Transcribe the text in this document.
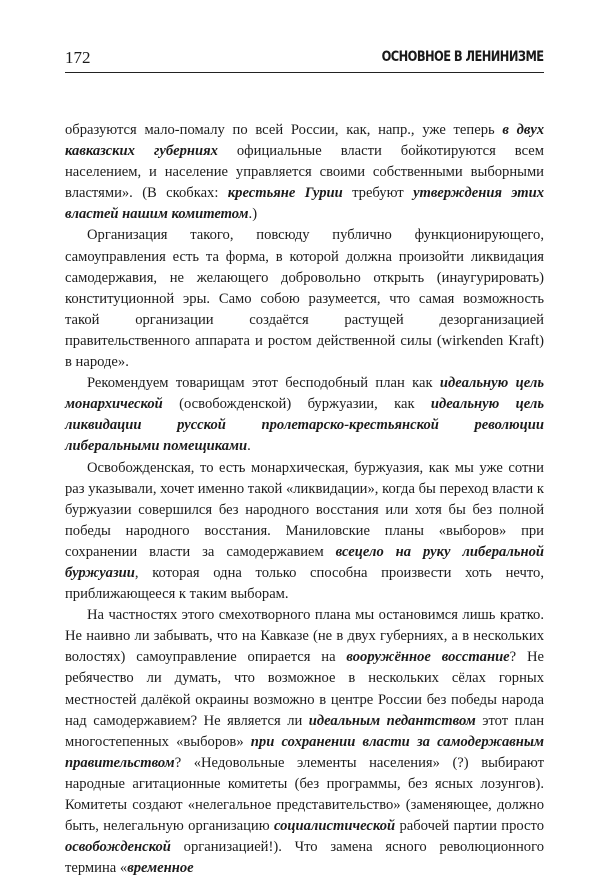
172	ОСНОВНОЕ В ЛЕНИНИЗМЕ

образуются мало-помалу по всей России, как, напр., уже теперь в двух кавказских губерниях официальные власти бойкотируются всем населением, и население управляется своими собственными выборными властями». (В скобках: крестьяне Гурии требуют утверждения этих властей нашим комитетом.)

Организация такого, повсюду публично функционирующего, самоуправления есть та форма, в которой должна произойти ликвидация самодержавия, не желающего добровольно открыть (инаугурировать) конституционной эры. Само собою разумеется, что самая возможность такой организации создаётся растущей дезорганизацией правительственного аппарата и ростом действенной силы (wirkenden Kraft) в народе».

Рекомендуем товарищам этот бесподобный план как идеальную цель монархической (освобожденской) буржуазии, как идеальную цель ликвидации русской пролетарско-крестьянской революции либеральными помещиками.

Освобожденская, то есть монархическая, буржуазия, как мы уже сотни раз указывали, хочет именно такой «ликвидации», когда бы переход власти к буржуазии совершился без народного восстания или хотя бы без полной победы народного восстания. Маниловские планы «выборов» при сохранении власти за самодержавием всецело на руку либеральной буржуазии, которая одна только способна произвести хоть нечто, приближающееся к таким выборам.

На частностях этого смехотворного плана мы остановимся лишь кратко. Не наивно ли забывать, что на Кавказе (не в двух губерниях, а в нескольких волостях) самоуправление опирается на вооружённое восстание? Не ребячество ли думать, что возможное в нескольких сёлах горных местностей далёкой окраины возможно в центре России без победы народа над самодержавием? Не является ли идеальным педантством этот план многостепенных «выборов» при сохранении власти за самодержавным правительством? «Недовольные элементы населения» (?) выбирают народные агитационные комитеты (без программы, без ясных лозунгов). Комитеты создают «нелегальное представительство» (заменяющее, должно быть, нелегальную организацию социалистической рабочей партии просто освобожденской организацией!). Что замена ясного революционного термина «временное
